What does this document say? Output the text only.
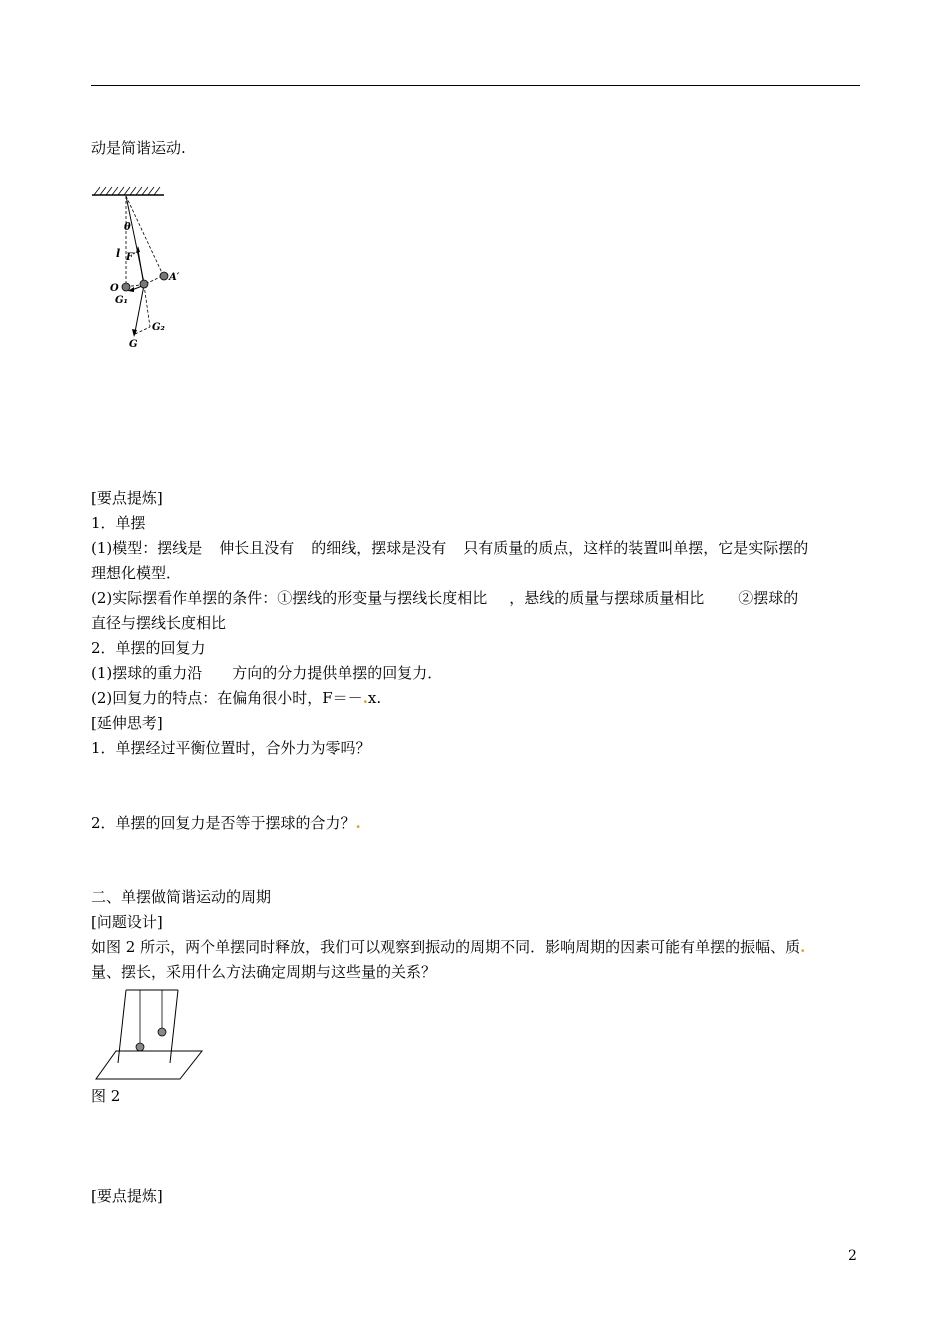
动是简谐运动.
θ
l F′
A′
O
G₁
G₂
G
[要点提炼]
1．单摆
(1)模型：摆线是 伸长且没有 的细线，摆球是没有 只有质量的质点，这样的装置叫单摆，它是实际摆的
理想化模型．
(2)实际摆看作单摆的条件：①摆线的形变量与摆线长度相比 ，悬线的质量与摆球质量相比 ②摆球的
直径与摆线长度相比
2．单摆的回复力
(1)摆球的重力沿 方向的分力提供单摆的回复力．
(2)回复力的特点：在偏角很小时，F＝－.x.
[延伸思考]
1．单摆经过平衡位置时，合外力为零吗？
2．单摆的回复力是否等于摆球的合力？.
二、单摆做简谐运动的周期
[问题设计]
如图 2 所示，两个单摆同时释放，我们可以观察到振动的周期不同．影响周期的因素可能有单摆的振幅、质.
量、摆长，采用什么方法确定周期与这些量的关系？
图 2
[要点提炼]
2
